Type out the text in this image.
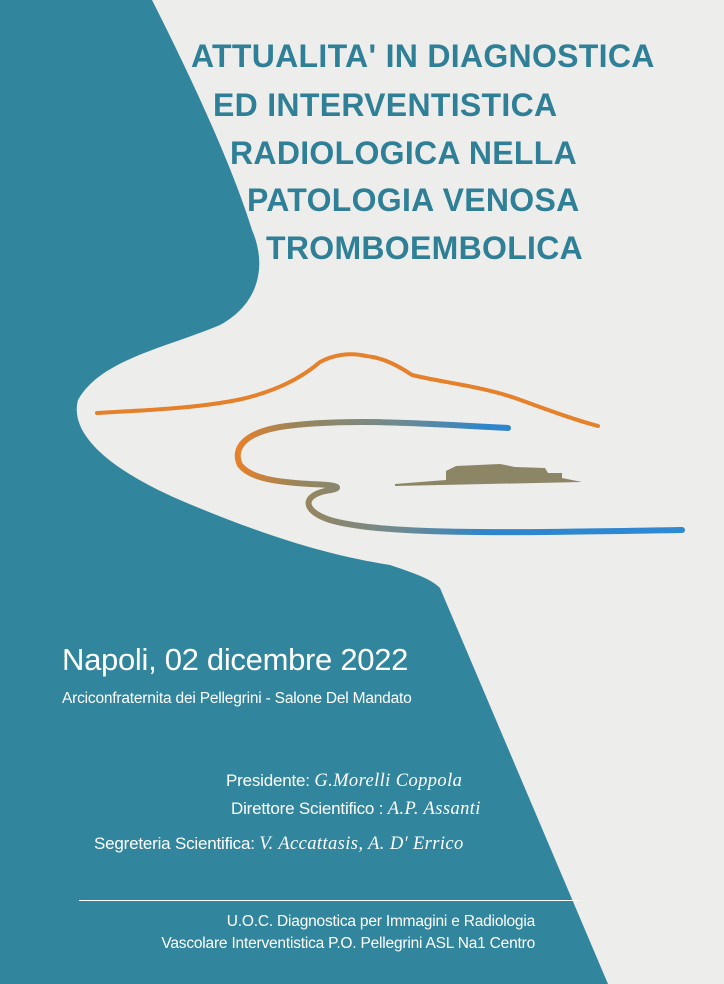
ATTUALITA' IN DIAGNOSTICA
ED INTERVENTISTICA
RADIOLOGICA NELLA
PATOLOGIA VENOSA
TROMBOEMBOLICA
Napoli, 02 dicembre 2022
Arciconfraternita dei Pellegrini - Salone Del Mandato
Presidente: G.Morelli Coppola
Direttore Scientifico : A.P. Assanti
Segreteria Scientifica: V. Accattasis, A. D' Errico
U.O.C. Diagnostica per Immagini e Radiologia
Vascolare Interventistica P.O. Pellegrini ASL Na1 Centro
